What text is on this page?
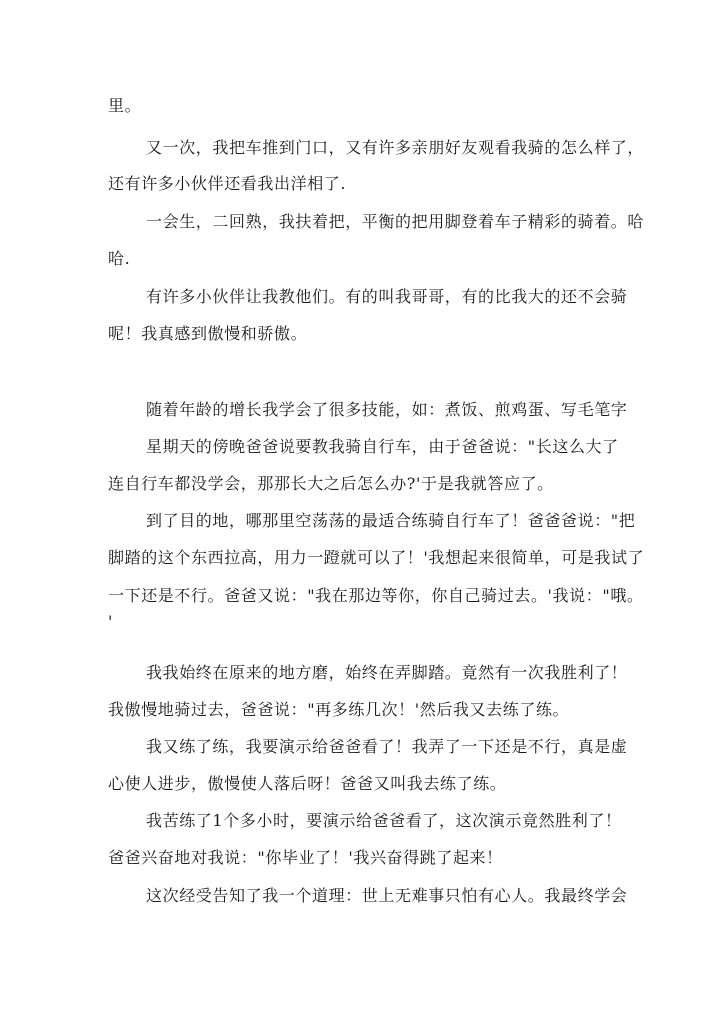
里。
又一次，我把车推到门口，又有许多亲朋好友观看我骑的怎么样了，
还有许多小伙伴还看我出洋相了.
一会生，二回熟，我扶着把，平衡的把用脚登着车子精彩的骑着。哈
哈.
有许多小伙伴让我教他们。有的叫我哥哥，有的比我大的还不会骑
呢！我真感到傲慢和骄傲。
随着年龄的增长我学会了很多技能，如：煮饭、煎鸡蛋、写毛笔字
星期天的傍晚爸爸说要教我骑自行车，由于爸爸说："长这么大了
连自行车都没学会，那那长大之后怎么办?'于是我就答应了。
到了目的地，哪那里空荡荡的最适合练骑自行车了！爸爸爸说："把
脚踏的这个东西拉高，用力一蹬就可以了！'我想起来很简单，可是我试了
一下还是不行。爸爸又说："我在那边等你，你自己骑过去。'我说："哦。
'
我我始终在原来的地方磨，始终在弄脚踏。竟然有一次我胜利了！
我傲慢地骑过去，爸爸说："再多练几次！'然后我又去练了练。
我又练了练，我要演示给爸爸看了！我弄了一下还是不行，真是虚
心使人进步，傲慢使人落后呀！爸爸又叫我去练了练。
我苦练了1个多小时，要演示给爸爸看了，这次演示竟然胜利了！
爸爸兴奋地对我说："你毕业了！'我兴奋得跳了起来！
这次经受告知了我一个道理：世上无难事只怕有心人。我最终学会
